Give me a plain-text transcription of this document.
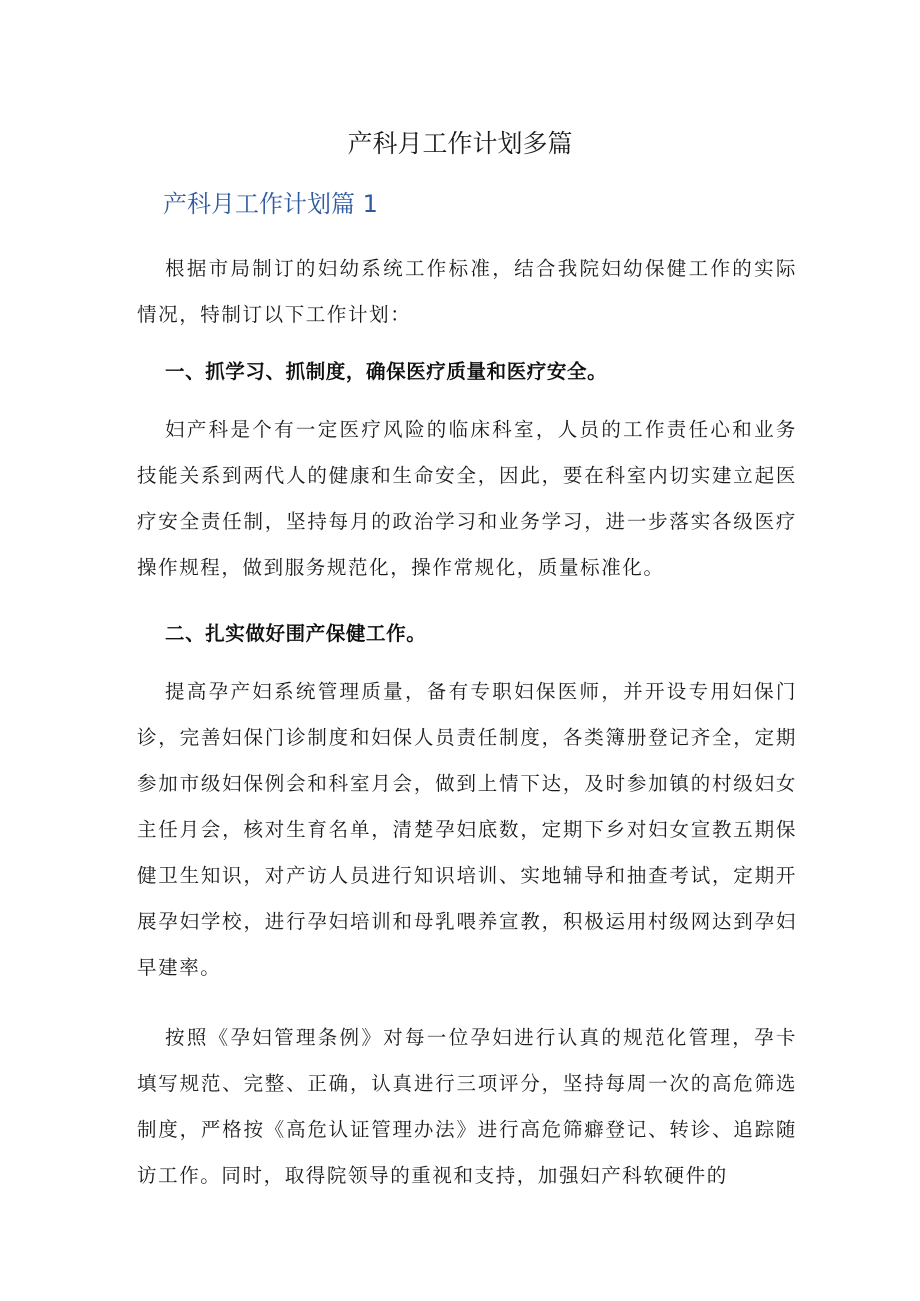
产科月工作计划多篇
产科月工作计划篇 1

根据市局制订的妇幼系统工作标准，结合我院妇幼保健工作的实际情况，特制订以下工作计划：

一、抓学习、抓制度，确保医疗质量和医疗安全。

妇产科是个有一定医疗风险的临床科室，人员的工作责任心和业务技能关系到两代人的健康和生命安全，因此，要在科室内切实建立起医疗安全责任制，坚持每月的政治学习和业务学习，进一步落实各级医疗操作规程，做到服务规范化，操作常规化，质量标准化。

二、扎实做好围产保健工作。

提高孕产妇系统管理质量，备有专职妇保医师，并开设专用妇保门诊，完善妇保门诊制度和妇保人员责任制度，各类簿册登记齐全，定期参加市级妇保例会和科室月会，做到上情下达，及时参加镇的村级妇女主任月会，核对生育名单，清楚孕妇底数，定期下乡对妇女宣教五期保健卫生知识，对产访人员进行知识培训、实地辅导和抽查考试，定期开展孕妇学校，进行孕妇培训和母乳喂养宣教，积极运用村级网达到孕妇早建率。

按照《孕妇管理条例》对每一位孕妇进行认真的规范化管理，孕卡填写规范、完整、正确，认真进行三项评分，坚持每周一次的高危筛选制度，严格按《高危认证管理办法》进行高危筛癖登记、转诊、追踪随访工作。同时，取得院领导的重视和支持，加强妇产科软硬件的
